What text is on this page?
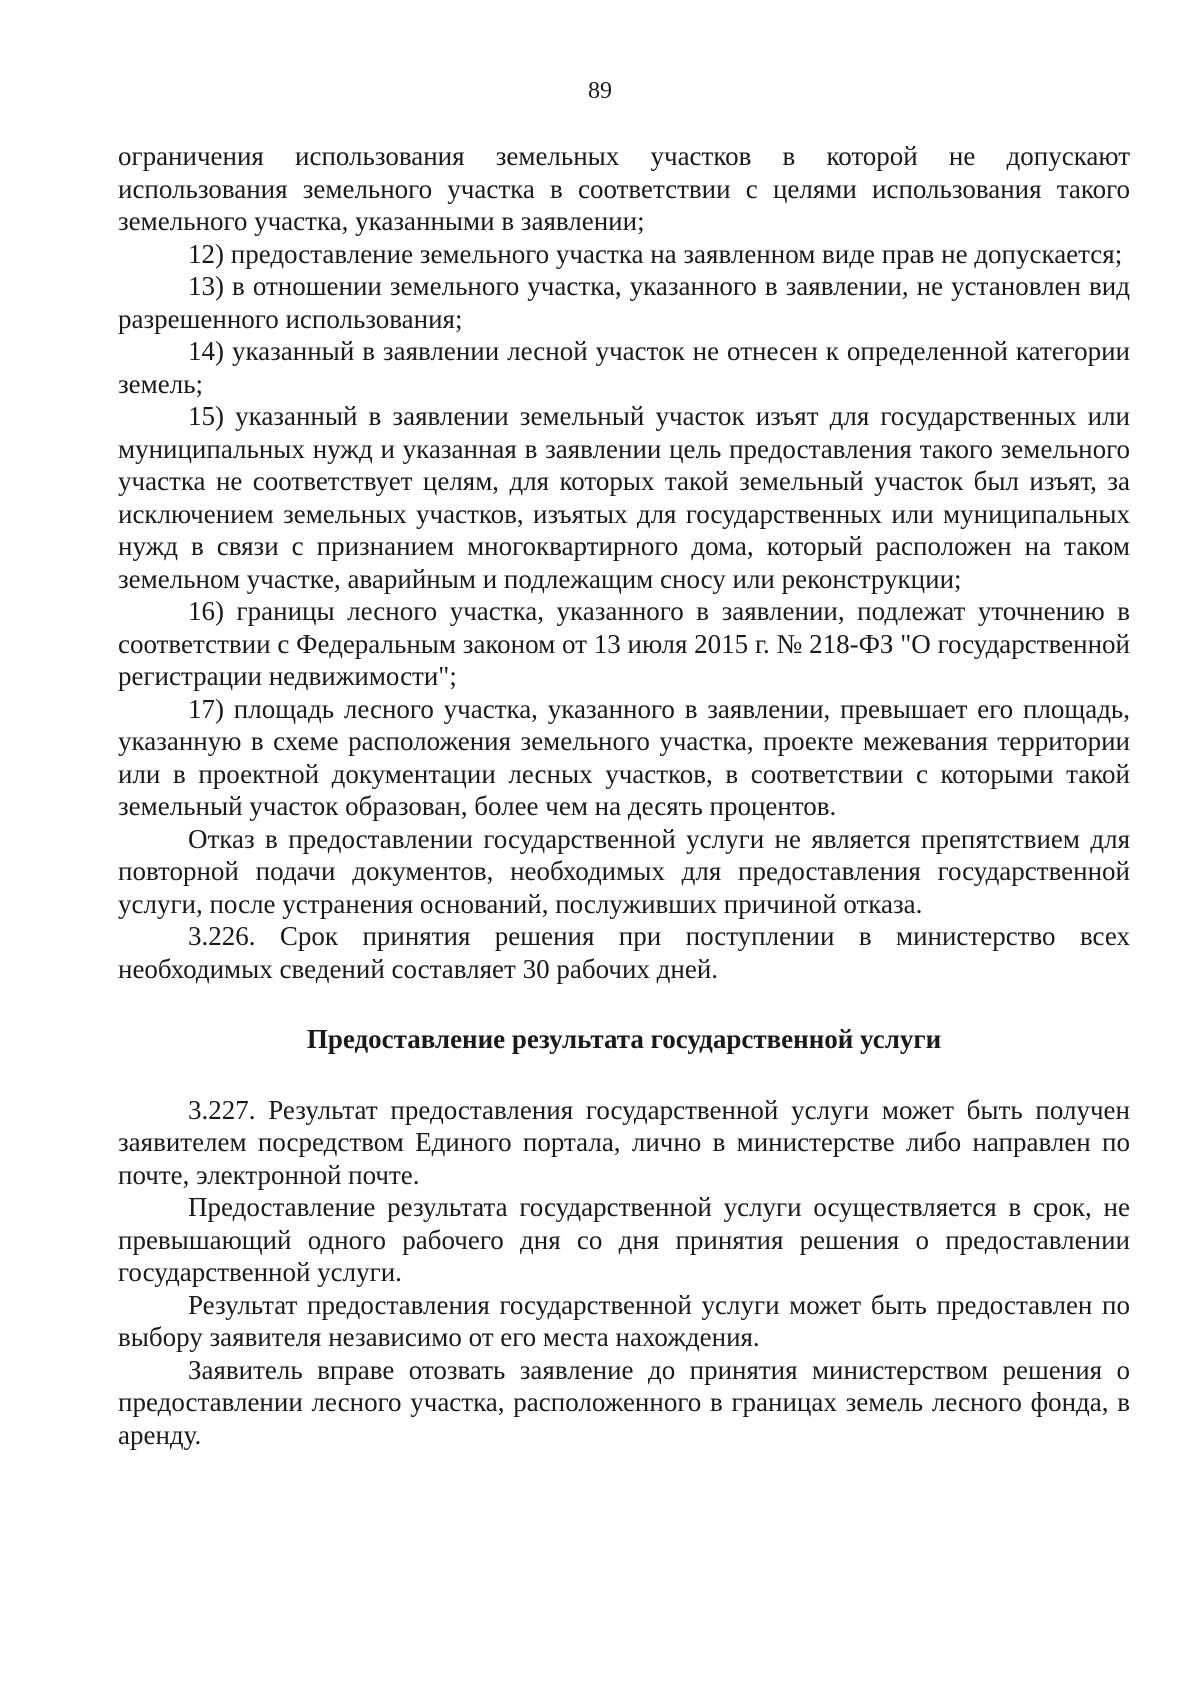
89

ограничения использования земельных участков в которой не допускают использования земельного участка в соответствии с целями использования такого земельного участка, указанными в заявлении;

12) предоставление земельного участка на заявленном виде прав не допускается;

13) в отношении земельного участка, указанного в заявлении, не установлен вид разрешенного использования;

14) указанный в заявлении лесной участок не отнесен к определенной категории земель;

15) указанный в заявлении земельный участок изъят для государственных или муниципальных нужд и указанная в заявлении цель предоставления такого земельного участка не соответствует целям, для которых такой земельный участок был изъят, за исключением земельных участков, изъятых для государственных или муниципальных нужд в связи с признанием многоквартирного дома, который расположен на таком земельном участке, аварийным и подлежащим сносу или реконструкции;

16) границы лесного участка, указанного в заявлении, подлежат уточнению в соответствии с Федеральным законом от 13 июля 2015 г. № 218-ФЗ "О государственной регистрации недвижимости";

17) площадь лесного участка, указанного в заявлении, превышает его площадь, указанную в схеме расположения земельного участка, проекте межевания территории или в проектной документации лесных участков, в соответствии с которыми такой земельный участок образован, более чем на десять процентов.

Отказ в предоставлении государственной услуги не является препятствием для повторной подачи документов, необходимых для предоставления государственной услуги, после устранения оснований, послуживших причиной отказа.

3.226. Срок принятия решения при поступлении в министерство всех необходимых сведений составляет 30 рабочих дней.

Предоставление результата государственной услуги

3.227. Результат предоставления государственной услуги может быть получен заявителем посредством Единого портала, лично в министерстве либо направлен по почте, электронной почте.

Предоставление результата государственной услуги осуществляется в срок, не превышающий одного рабочего дня со дня принятия решения о предоставлении государственной услуги.

Результат предоставления государственной услуги может быть предоставлен по выбору заявителя независимо от его места нахождения.

Заявитель вправе отозвать заявление до принятия министерством решения о предоставлении лесного участка, расположенного в границах земель лесного фонда, в аренду.
